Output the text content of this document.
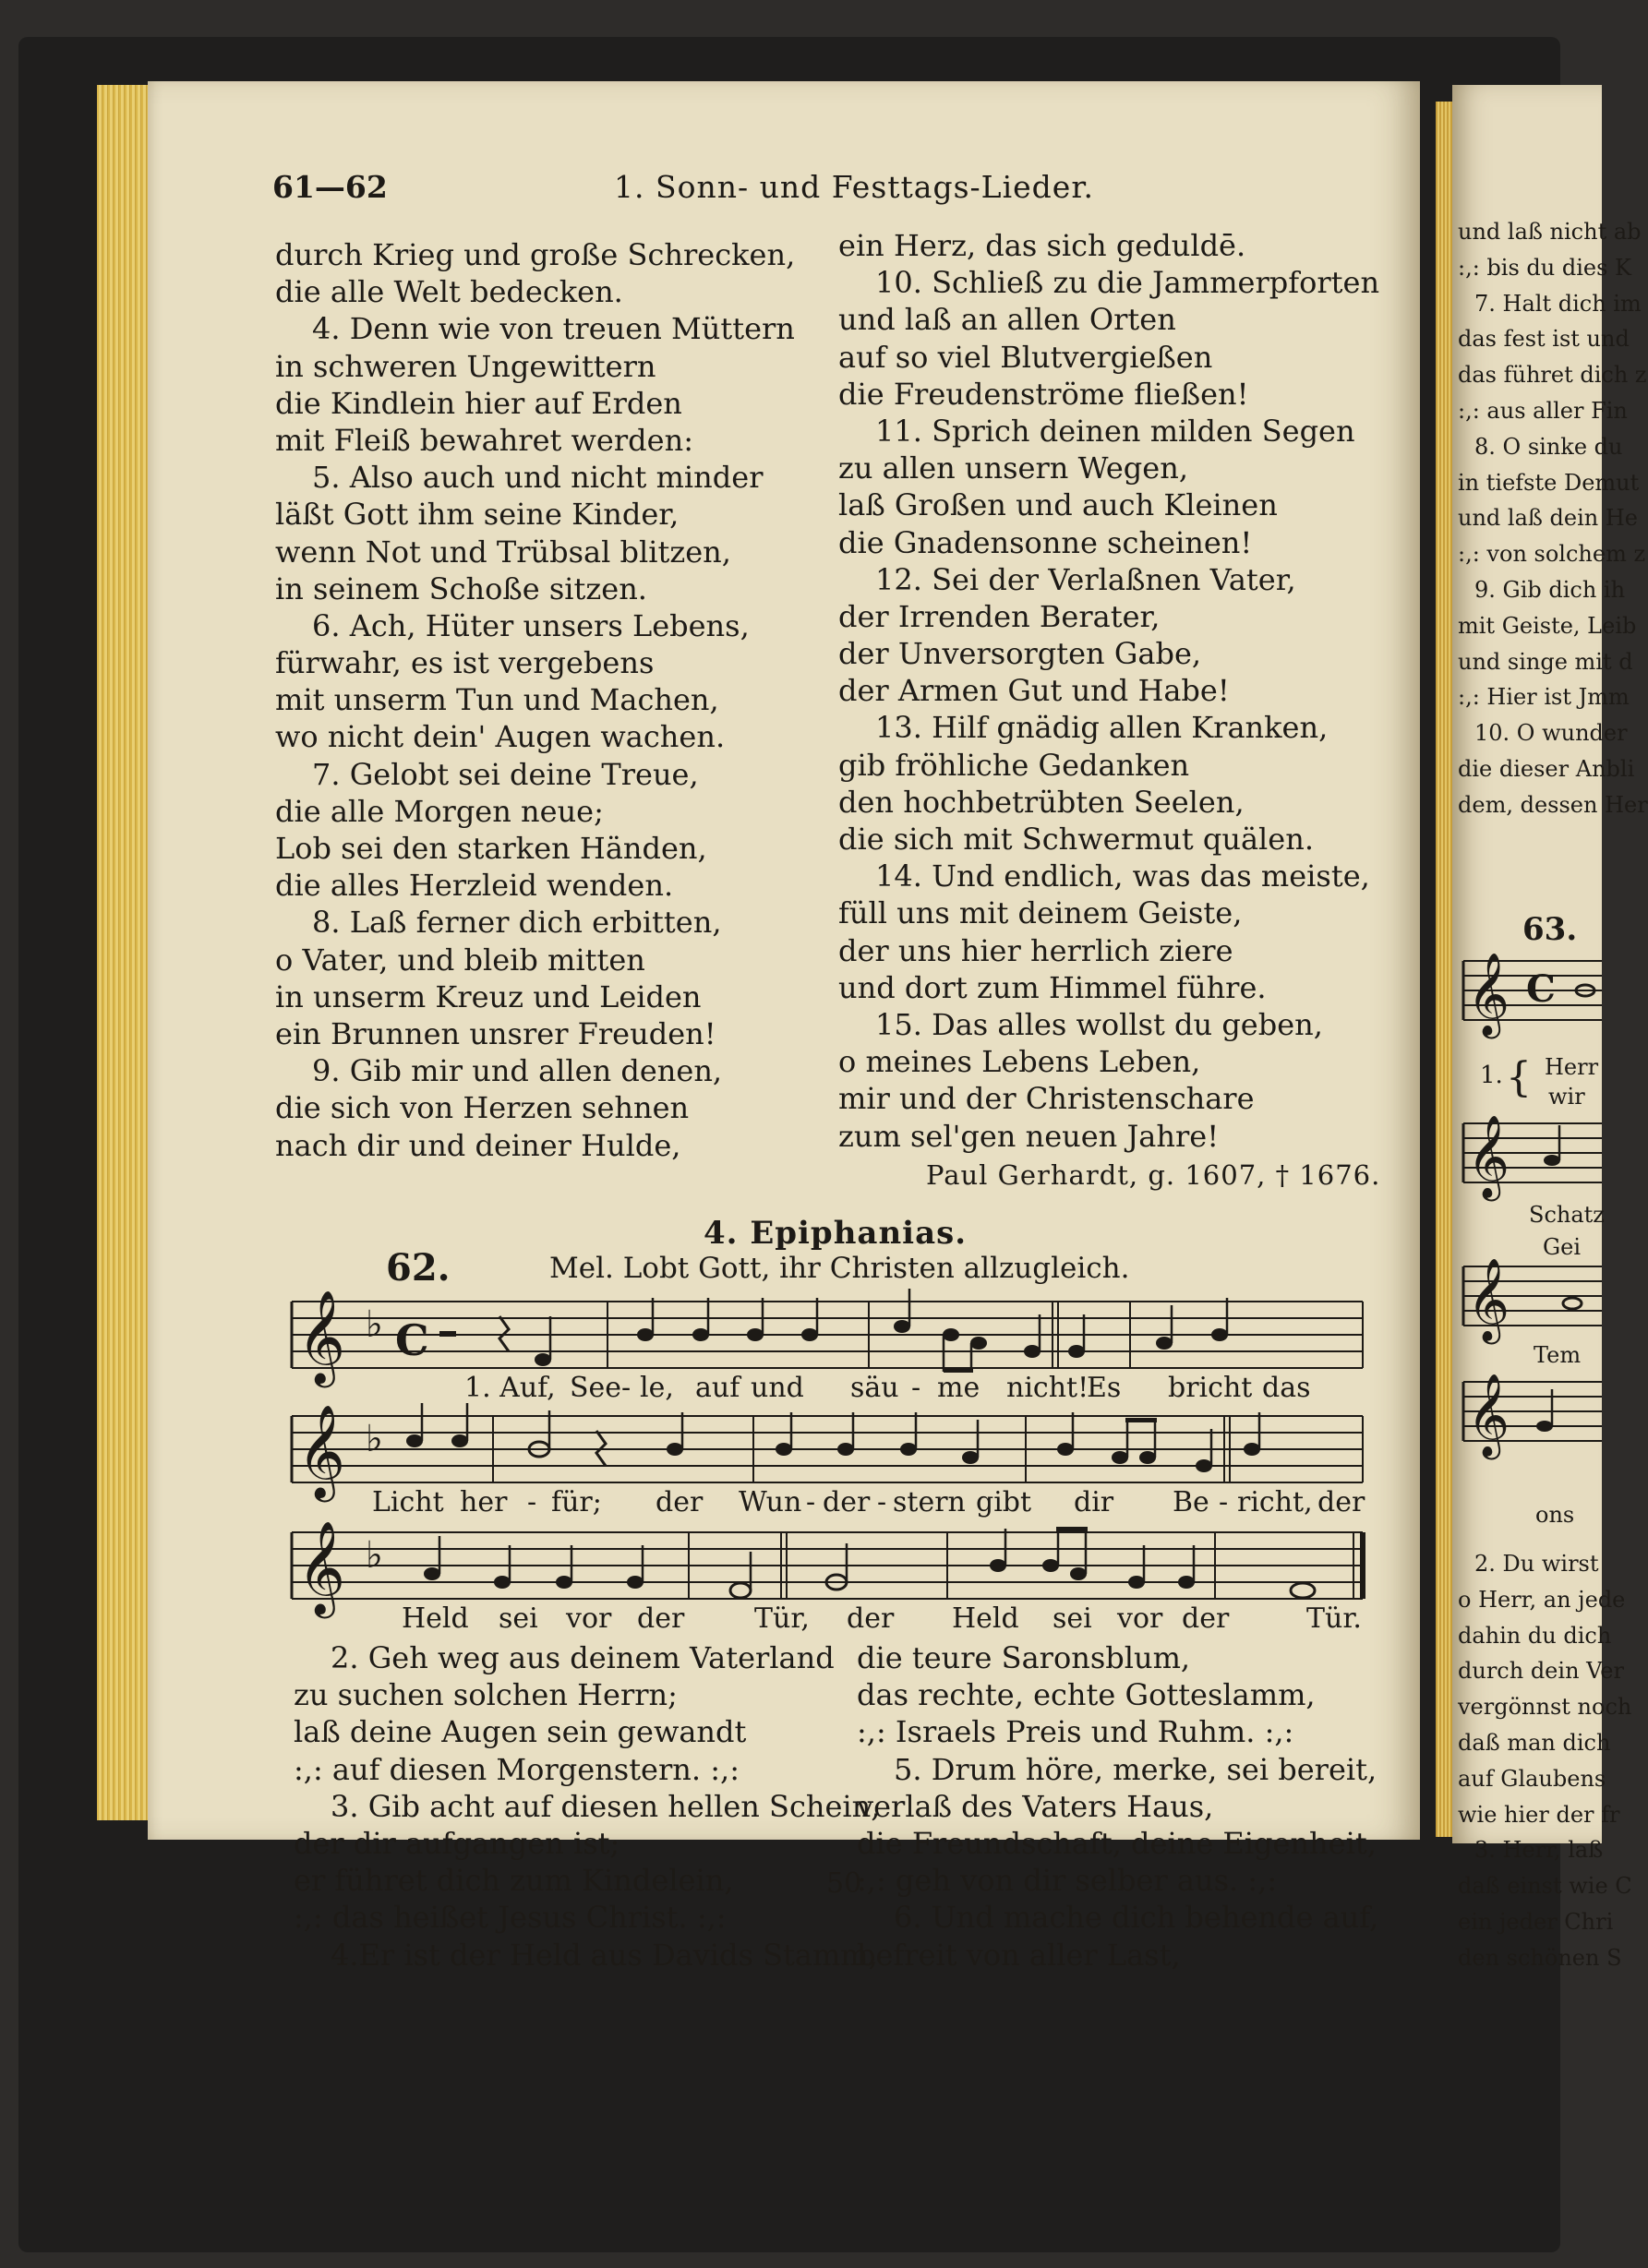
61—62	1. Sonn- und Festtags-Lieder.
durch Krieg und große Schrecken,
die alle Welt bedecken.
4. Denn wie von treuen Müttern
in schweren Ungewittern
die Kindlein hier auf Erden
mit Fleiß bewahret werden:
5. Also auch und nicht minder
läßt Gott ihm seine Kinder,
wenn Not und Trübsal blitzen,
in seinem Schoße sitzen.
6. Ach, Hüter unsers Lebens,
fürwahr, es ist vergebens
mit unserm Tun und Machen,
wo nicht dein' Augen wachen.
7. Gelobt sei deine Treue,
die alle Morgen neue;
Lob sei den starken Händen,
die alles Herzleid wenden.
8. Laß ferner dich erbitten,
o Vater, und bleib mitten
in unserm Kreuz und Leiden
ein Brunnen unsrer Freuden!
9. Gib mir und allen denen,
die sich von Herzen sehnen
nach dir und deiner Hulde,
ein Herz, das sich geduldē.
10. Schließ zu die Jammerpforten
und laß an allen Orten
auf so viel Blutvergießen
die Freudenströme fließen!
11. Sprich deinen milden Segen
zu allen unsern Wegen,
laß Großen und auch Kleinen
die Gnadensonne scheinen!
12. Sei der Verlaßnen Vater,
der Irrenden Berater,
der Unversorgten Gabe,
der Armen Gut und Habe!
13. Hilf gnädig allen Kranken,
gib fröhliche Gedanken
den hochbetrübten Seelen,
die sich mit Schwermut quälen.
14. Und endlich, was das meiste,
füll uns mit deinem Geiste,
der uns hier herrlich ziere
und dort zum Himmel führe.
15. Das alles wollst du geben,
o meines Lebens Leben,
mir und der Christenschare
zum sel'gen neuen Jahre!
Paul Gerhardt, g. 1607, † 1676.
4. Epiphanias.
62.	Mel. Lobt Gott, ihr Christen allzugleich.
𝄞 ♭ C
1. Auf, See - le, auf und säu - me nicht!
Es bricht das
𝄞 ♭
Licht her - für; der Wun - der - stern gibt dir Be - richt, der
𝄞 ♭
Held sei vor der	Tür, der Held sei vor der	Tür.
2. Geh weg aus deinem Vaterland
zu suchen solchen Herrn;
laß deine Augen sein gewandt
:,: auf diesen Morgenstern. :,:
3. Gib acht auf diesen hellen Schein,
der dir aufgangen ist;
er führet dich zum Kindelein,
:,: das heißet Jesus Christ. :,:
4.Er ist der Held aus Davids Stamm,
die teure Saronsblum,
das rechte, echte Gotteslamm,
:,: Israels Preis und Ruhm. :,:
5. Drum höre, merke, sei bereit,
verlaß des Vaters Haus,
die Freundschaft, deine Eigenheit,
:,: geh von dir selber aus. :,:
6. Und mache dich behende auf,
befreit von aller Last,
50
und laß nicht ab
:,: bis du dies K
7. Halt dich im
das fest ist und
das führet dich z
:,: aus aller Fin
8. O sinke du
in tiefste Demut
und laß dein He
:,: von solchem z
9. Gib dich ih
mit Geiste, Leib
und singe mit d
:,: Hier ist Jmm
10. O wunder
die dieser Anbli
dem, dessen Her
63.
𝄞 C
1. { Herr
wir
𝄞
Schatz
Gei
𝄞
Tem
𝄞
ons
2. Du wirst
o Herr, an jede
dahin du dich
durch dein Ver
vergönnst noch
daß man dich
auf Glaubens
wie hier der fr
3. Herr, laß
daß einst wie C
ein jeder Chri
den schönen S
